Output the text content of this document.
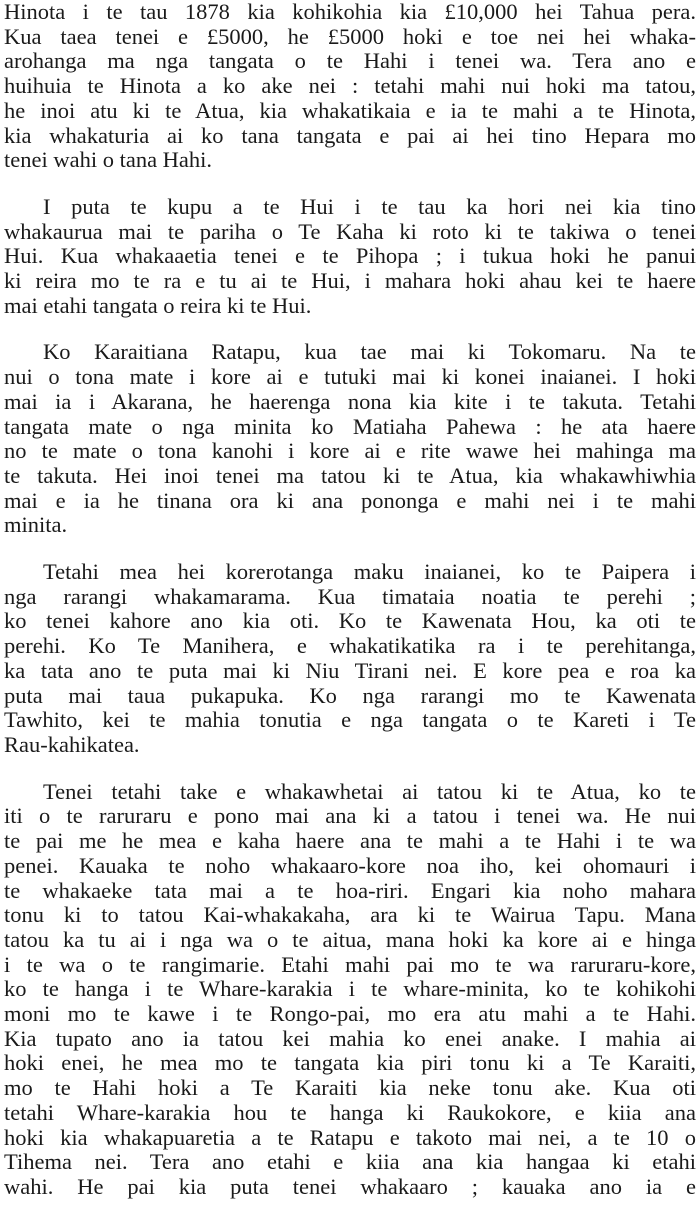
Hinota i te tau 1878 kia kohikohia kia £10,000 hei Tahua pera.
Kua taea tenei e £5000, he £5000 hoki e toe nei hei whaka-
arohanga ma nga tangata o te Hahi i tenei wa. Tera ano e
huihuia te Hinota a ko ake nei : tetahi mahi nui hoki ma tatou,
he inoi atu ki te Atua, kia whakatikaia e ia te mahi a te Hinota,
kia whakaturia ai ko tana tangata e pai ai hei tino Hepara mo
tenei wahi o tana Hahi.
I puta te kupu a te Hui i te tau ka hori nei kia tino
whakaurua mai te pariha o Te Kaha ki roto ki te takiwa o tenei
Hui. Kua whakaaetia tenei e te Pihopa ; i tukua hoki he panui
ki reira mo te ra e tu ai te Hui, i mahara hoki ahau kei te haere
mai etahi tangata o reira ki te Hui.
Ko Karaitiana Ratapu, kua tae mai ki Tokomaru. Na te
nui o tona mate i kore ai e tutuki mai ki konei inaianei. I hoki
mai ia i Akarana, he haerenga nona kia kite i te takuta. Tetahi
tangata mate o nga minita ko Matiaha Pahewa : he ata haere
no te mate o tona kanohi i kore ai e rite wawe hei mahinga ma
te takuta. Hei inoi tenei ma tatou ki te Atua, kia whakawhiwhia
mai e ia he tinana ora ki ana pononga e mahi nei i te mahi
minita.
Tetahi mea hei korerotanga maku inaianei, ko te Paipera i
nga rarangi whakamarama. Kua timataia noatia te perehi ;
ko tenei kahore ano kia oti. Ko te Kawenata Hou, ka oti te
perehi. Ko Te Manihera, e whakatikatika ra i te perehitanga,
ka tata ano te puta mai ki Niu Tirani nei. E kore pea e roa ka
puta mai taua pukapuka. Ko nga rarangi mo te Kawenata
Tawhito, kei te mahia tonutia e nga tangata o te Kareti i Te
Rau-kahikatea.
Tenei tetahi take e whakawhetai ai tatou ki te Atua, ko te
iti o te raruraru e pono mai ana ki a tatou i tenei wa. He nui
te pai me he mea e kaha haere ana te mahi a te Hahi i te wa
penei. Kauaka te noho whakaaro-kore noa iho, kei ohomauri i
te whakaeke tata mai a te hoa-riri. Engari kia noho mahara
tonu ki to tatou Kai-whakakaha, ara ki te Wairua Tapu. Mana
tatou ka tu ai i nga wa o te aitua, mana hoki ka kore ai e hinga
i te wa o te rangimarie. Etahi mahi pai mo te wa raruraru-kore,
ko te hanga i te Whare-karakia i te whare-minita, ko te kohikohi
moni mo te kawe i te Rongo-pai, mo era atu mahi a te Hahi.
Kia tupato ano ia tatou kei mahia ko enei anake. I mahia ai
hoki enei, he mea mo te tangata kia piri tonu ki a Te Karaiti,
mo te Hahi hoki a Te Karaiti kia neke tonu ake. Kua oti
tetahi Whare-karakia hou te hanga ki Raukokore, e kiia ana
hoki kia whakapuaretia a te Ratapu e takoto mai nei, a te 10 o
Tihema nei. Tera ano etahi e kiia ana kia hangaa ki etahi
wahi. He pai kia puta tenei whakaaro ; kauaka ano ia e
